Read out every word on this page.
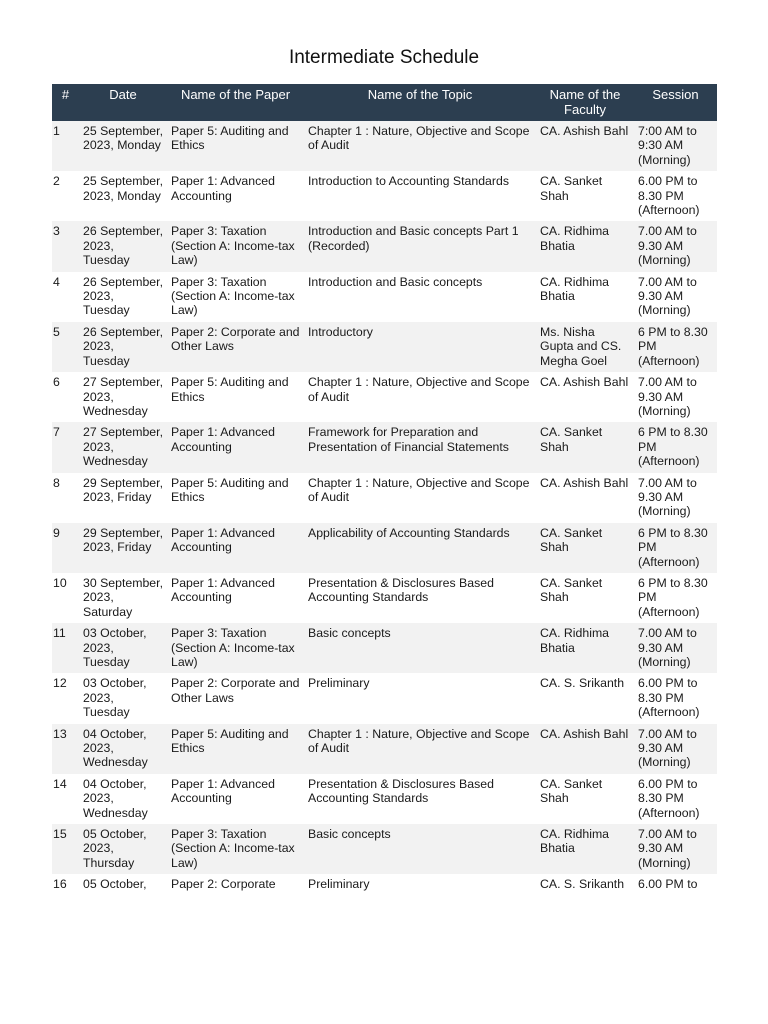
Intermediate Schedule
#	Date	Name of the Paper	Name of the Topic	Name of the Faculty	Session
1	25 September, 2023, Monday	Paper 5: Auditing and Ethics	Chapter 1 : Nature, Objective and Scope of Audit	CA. Ashish Bahl	7:00 AM to 9:30 AM (Morning)
2	25 September, 2023, Monday	Paper 1: Advanced Accounting	Introduction to Accounting Standards	CA. Sanket Shah	6.00 PM to 8.30 PM (Afternoon)
3	26 September, 2023, Tuesday	Paper 3: Taxation (Section A: Income-tax Law)	Introduction and Basic concepts Part 1 (Recorded)	CA. Ridhima Bhatia	7.00 AM to 9.30 AM (Morning)
4	26 September, 2023, Tuesday	Paper 3: Taxation (Section A: Income-tax Law)	Introduction and Basic concepts	CA. Ridhima Bhatia	7.00 AM to 9.30 AM (Morning)
5	26 September, 2023, Tuesday	Paper 2: Corporate and Other Laws	Introductory	Ms. Nisha Gupta and CS. Megha Goel	6 PM to 8.30 PM (Afternoon)
6	27 September, 2023, Wednesday	Paper 5: Auditing and Ethics	Chapter 1 : Nature, Objective and Scope of Audit	CA. Ashish Bahl	7.00 AM to 9.30 AM (Morning)
7	27 September, 2023, Wednesday	Paper 1: Advanced Accounting	Framework for Preparation and Presentation of Financial Statements	CA. Sanket Shah	6 PM to 8.30 PM (Afternoon)
8	29 September, 2023, Friday	Paper 5: Auditing and Ethics	Chapter 1 : Nature, Objective and Scope of Audit	CA. Ashish Bahl	7.00 AM to 9.30 AM (Morning)
9	29 September, 2023, Friday	Paper 1: Advanced Accounting	Applicability of Accounting Standards	CA. Sanket Shah	6 PM to 8.30 PM (Afternoon)
10	30 September, 2023, Saturday	Paper 1: Advanced Accounting	Presentation & Disclosures Based Accounting Standards	CA. Sanket Shah	6 PM to 8.30 PM (Afternoon)
11	03 October, 2023, Tuesday	Paper 3: Taxation (Section A: Income-tax Law)	Basic concepts	CA. Ridhima Bhatia	7.00 AM to 9.30 AM (Morning)
12	03 October, 2023, Tuesday	Paper 2: Corporate and Other Laws	Preliminary	CA. S. Srikanth	6.00 PM to 8.30 PM (Afternoon)
13	04 October, 2023, Wednesday	Paper 5: Auditing and Ethics	Chapter 1 : Nature, Objective and Scope of Audit	CA. Ashish Bahl	7.00 AM to 9.30 AM (Morning)
14	04 October, 2023, Wednesday	Paper 1: Advanced Accounting	Presentation & Disclosures Based Accounting Standards	CA. Sanket Shah	6.00 PM to 8.30 PM (Afternoon)
15	05 October, 2023, Thursday	Paper 3: Taxation (Section A: Income-tax Law)	Basic concepts	CA. Ridhima Bhatia	7.00 AM to 9.30 AM (Morning)
16	05 October,	Paper 2: Corporate	Preliminary	CA. S. Srikanth	6.00 PM to
